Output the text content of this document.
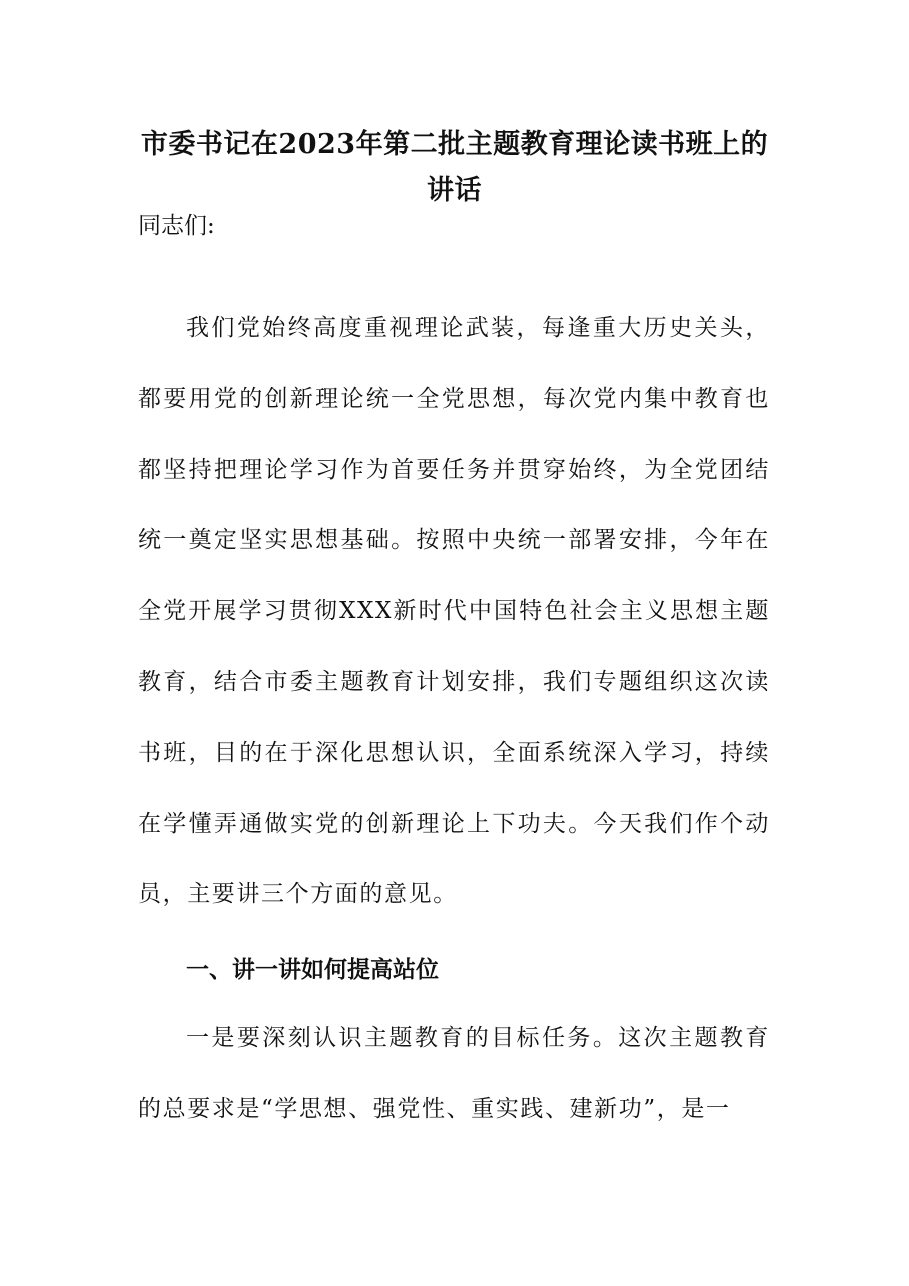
市委书记在2023年第二批主题教育理论读书班上的讲话

同志们:

我们党始终高度重视理论武装，每逢重大历史关头，都要用党的创新理论统一全党思想，每次党内集中教育也都坚持把理论学习作为首要任务并贯穿始终，为全党团结统一奠定坚实思想基础。按照中央统一部署安排，今年在全党开展学习贯彻XXX新时代中国特色社会主义思想主题教育，结合市委主题教育计划安排，我们专题组织这次读书班，目的在于深化思想认识，全面系统深入学习，持续在学懂弄通做实党的创新理论上下功夫。今天我们作个动员，主要讲三个方面的意见。

一、讲一讲如何提高站位

一是要深刻认识主题教育的目标任务。这次主题教育的总要求是“学思想、强党性、重实践、建新功”，是一
